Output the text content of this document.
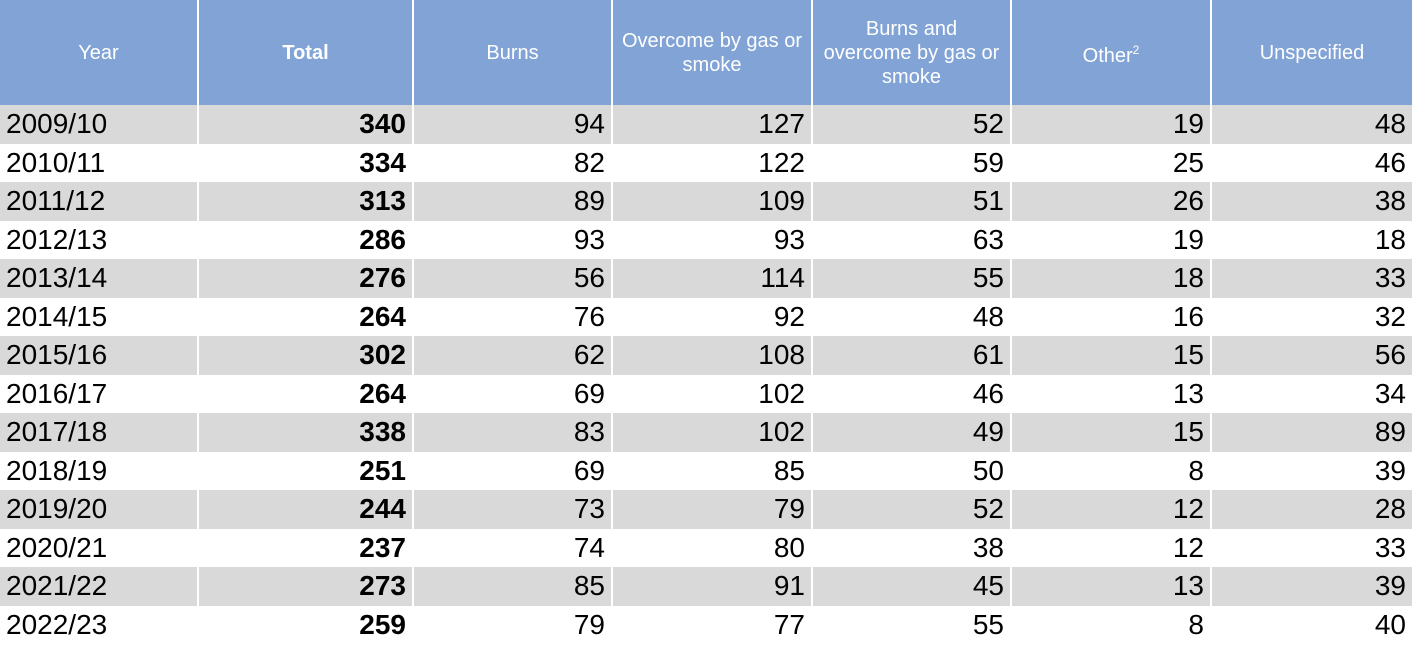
Year	Total	Burns	Overcome by gas or smoke	Burns and overcome by gas or smoke	Other$^2$	Unspecified
2009/10	340	94	127	52	19	48
2010/11	334	82	122	59	25	46
2011/12	313	89	109	51	26	38
2012/13	286	93	93	63	19	18
2013/14	276	56	114	55	18	33
2014/15	264	76	92	48	16	32
2015/16	302	62	108	61	15	56
2016/17	264	69	102	46	13	34
2017/18	338	83	102	49	15	89
2018/19	251	69	85	50	8	39
2019/20	244	73	79	52	12	28
2020/21	237	74	80	38	12	33
2021/22	273	85	91	45	13	39
2022/23	259	79	77	55	8	40
